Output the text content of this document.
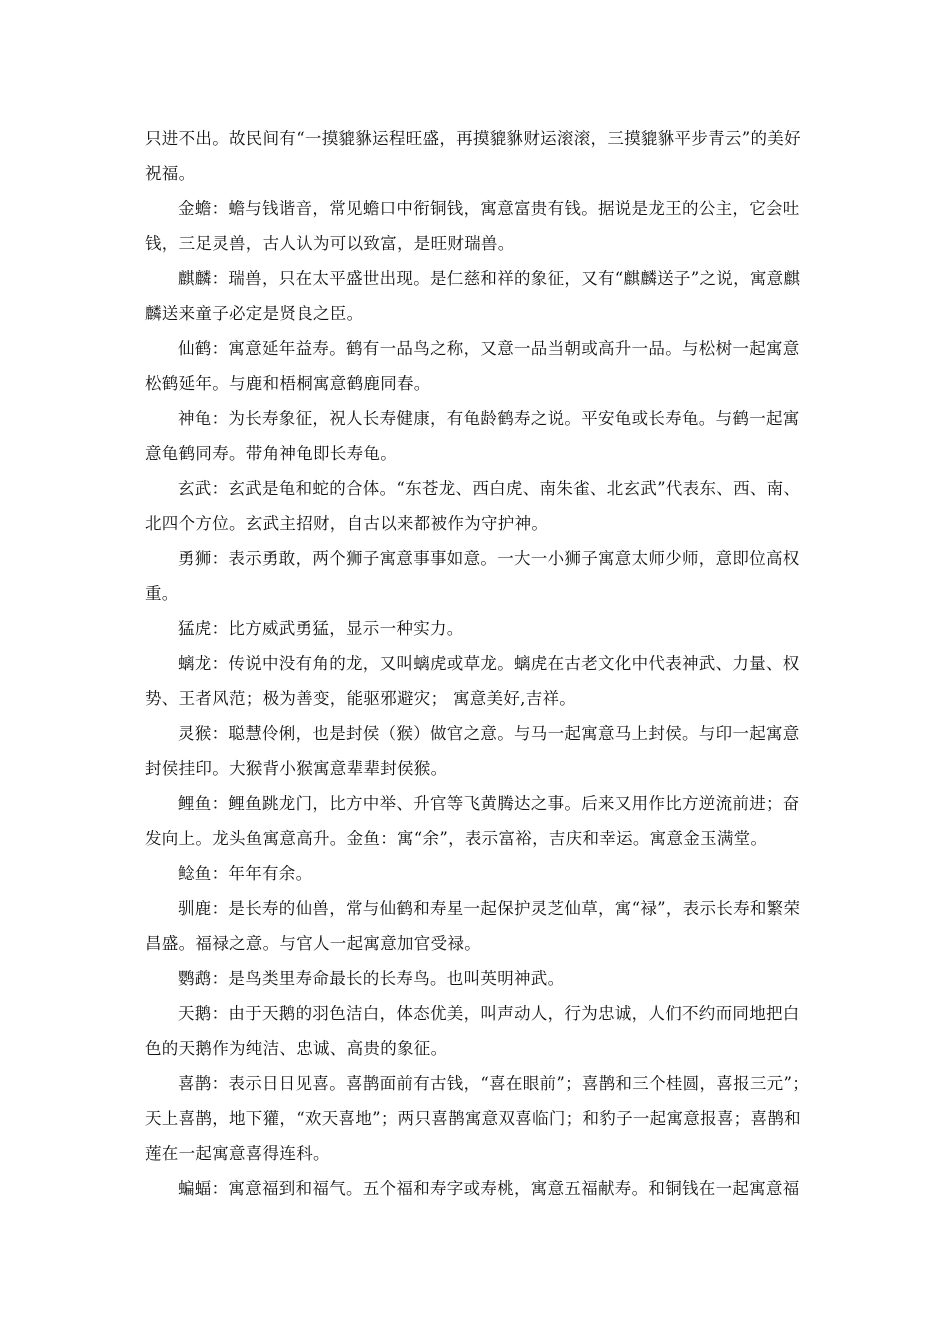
只进不出。故民间有“一摸貔貅运程旺盛，再摸貔貅财运滚滚，三摸貔貅平步青云”的美好祝福。

金蟾：蟾与钱谐音，常见蟾口中衔铜钱，寓意富贵有钱。据说是龙王的公主，它会吐钱，三足灵兽，古人认为可以致富，是旺财瑞兽。

麒麟：瑞兽，只在太平盛世出现。是仁慈和祥的象征，又有“麒麟送子”之说，寓意麒麟送来童子必定是贤良之臣。

仙鹤：寓意延年益寿。鹤有一品鸟之称，又意一品当朝或高升一品。与松树一起寓意松鹤延年。与鹿和梧桐寓意鹤鹿同春。

神龟：为长寿象征，祝人长寿健康，有龟龄鹤寿之说。平安龟或长寿龟。与鹤一起寓意龟鹤同寿。带角神龟即长寿龟。

玄武：玄武是龟和蛇的合体。“东苍龙、西白虎、南朱雀、北玄武”代表东、西、南、北四个方位。玄武主招财，自古以来都被作为守护神。

勇狮：表示勇敢，两个狮子寓意事事如意。一大一小狮子寓意太师少师，意即位高权重。

猛虎：比方威武勇猛，显示一种实力。

螭龙：传说中没有角的龙，又叫螭虎或草龙。螭虎在古老文化中代表神武、力量、权势、王者风范；极为善变，能驱邪避灾； 寓意美好,吉祥。

灵猴：聪慧伶俐，也是封侯（猴）做官之意。与马一起寓意马上封侯。与印一起寓意封侯挂印。大猴背小猴寓意辈辈封侯猴。

鲤鱼：鲤鱼跳龙门，比方中举、升官等飞黄腾达之事。后来又用作比方逆流前进；奋发向上。龙头鱼寓意高升。金鱼：寓“余”，表示富裕，吉庆和幸运。寓意金玉满堂。

鲶鱼：年年有余。

驯鹿：是长寿的仙兽，常与仙鹤和寿星一起保护灵芝仙草，寓“禄”，表示长寿和繁荣昌盛。福禄之意。与官人一起寓意加官受禄。

鹦鹉：是鸟类里寿命最长的长寿鸟。也叫英明神武。

天鹅：由于天鹅的羽色洁白，体态优美，叫声动人，行为忠诚，人们不约而同地把白色的天鹅作为纯洁、忠诚、高贵的象征。

喜鹊：表示日日见喜。喜鹊面前有古钱，“喜在眼前”；喜鹊和三个桂圆，喜报三元”；天上喜鹊，地下獾，“欢天喜地”；两只喜鹊寓意双喜临门；和豹子一起寓意报喜；喜鹊和莲在一起寓意喜得连科。

蝙蝠：寓意福到和福气。五个福和寿字或寿桃，寓意五福献寿。和铜钱在一起寓意福
